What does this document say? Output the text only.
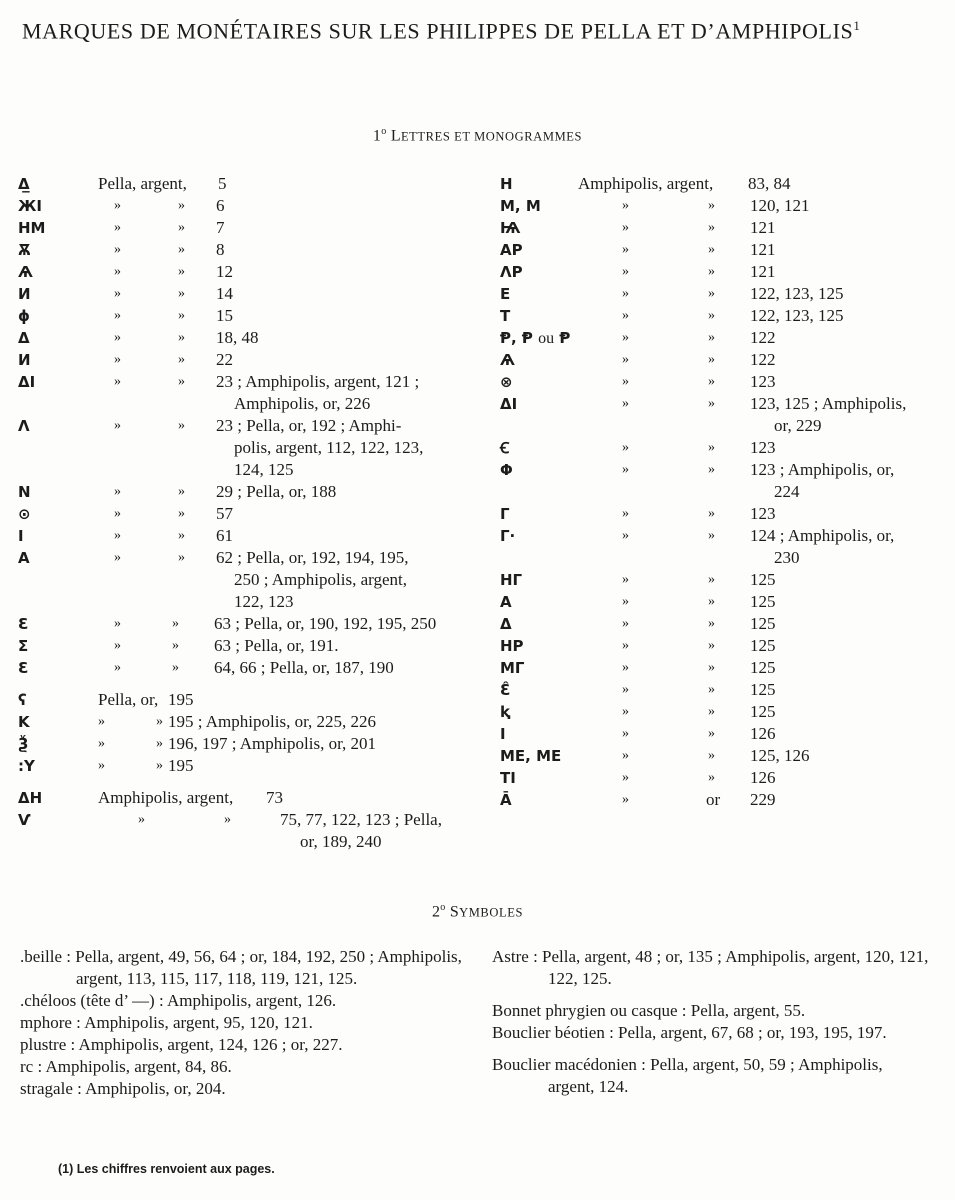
MARQUES DE MONÉTAIRES SUR LES PHILIPPES DE PELLA ET D’AMPHIPOLIS$^1$
1$^o$ LETTRES ET MONOGRAMMES
Δ̲	Pella, argent, 5
ЖI	»	» 6
HM	»	» 7
Ѫ	»	» 8
Ѧ	»	» 12
Ͷ	»	» 14
ɸ	»	» 15
Δ	»	» 18, 48
И	»	» 22
ΔI	»	» 23 ; Amphipolis, argent, 121 ;
Amphipolis, or, 226
Λ	»	» 23 ; Pella, or, 192 ; Amphi-
polis, argent, 112, 122, 123,
124, 125
N	»	» 29 ; Pella, or, 188
⊙	»	» 57
I	»	» 61
A	»	» 62 ; Pella, or, 192, 194, 195,
250 ; Amphipolis, argent,
122, 123
Ɛ	»	» 63 ; Pella, or, 190, 192, 195, 250
Σ	»	» 63 ; Pella, or, 191.
Ɛ	»	» 64, 66 ; Pella, or, 187, 190
ʕ	Pella, or, 195
K	»	» 195 ; Amphipolis, or, 225, 226
Ѯ	»	» 196, 197 ; Amphipolis, or, 201
:Y	»	» 195
ΔH	Amphipolis, argent, 73
Ѵ	»	»	75, 77, 122, 123 ; Pella,
or, 189, 240
H	Amphipolis, argent, 83, 84
M, M	»	» 120, 121
Ѩ	»	» 121
AP	»	» 121
ΛP	»	» 121
E	»	» 122, 123, 125
T	»	» 122, 123, 125
Ᵽ, Ᵽ ou Ᵽ	»	» 122
Ѧ	»	» 122
⊗	»	» 123
ΔI	»	» 123, 125 ; Amphipolis,
or, 229
Ꞓ	»	» 123
Φ	»	» 123 ; Amphipolis, or,
224
Γ	»	» 123
Γ·	»	» 124 ; Amphipolis, or,
230
HΓ	»	» 125
A	»	» 125
Δ	»	» 125
HP	»	» 125
MΓ	»	» 125
Ɛ̂	»	» 125
ⱪ	»	» 125
I	»	» 126
ME, ME	»	» 125, 126
TI	»	» 126
Ā	»	or 229
2$^o$ SYMBOLES

.beille : Pella, argent, 49, 56, 64 ; or, 184, 192, 250 ; Amphipolis, argent, 113, 115, 117, 118, 119, 121, 125.

.chéloos (tête d’ —) : Amphipolis, argent, 126.

mphore : Amphipolis, argent, 95, 120, 121.

plustre : Amphipolis, argent, 124, 126 ; or, 227.

rc : Amphipolis, argent, 84, 86.

stragale : Amphipolis, or, 204.

Astre : Pella, argent, 48 ; or, 135 ; Amphipolis, argent, 120, 121, 122, 125.

Bonnet phrygien ou casque : Pella, argent, 55.

Bouclier béotien : Pella, argent, 67, 68 ; or, 193, 195, 197.

Bouclier macédonien : Pella, argent, 50, 59 ; Amphipolis, argent, 124.

(1) Les chiffres renvoient aux pages.
